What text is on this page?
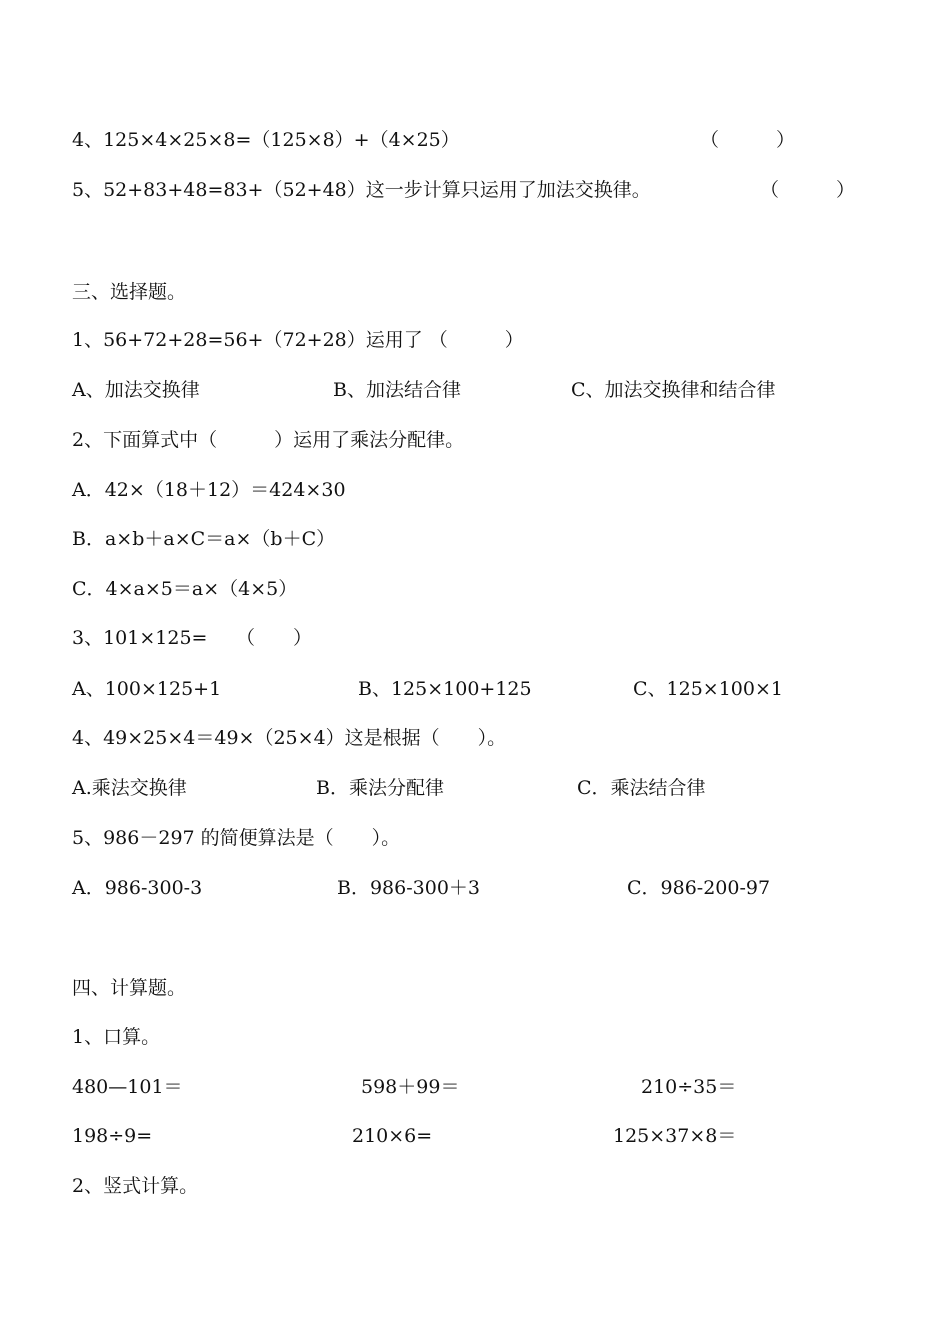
4、125×4×25×8=（125×8）+（4×25）	（　　　）
5、52+83+48=83+（52+48）这一步计算只运用了加法交换律。	（　　　）
三、选择题。
1、56+72+28=56+（72+28）运用了 （　　　）
A、加法交换律	B、加法结合律	C、加法交换律和结合律
2、下面算式中（　　　）运用了乘法分配律。
A．42×（18＋12）＝424×30
B．a×b＋a×C＝a×（b＋C）
C．4×a×5＝a×（4×5）
3、101×125=　　（　　）
A、100×125+1	B、125×100+125	C、125×100×1
4、49×25×4＝49×（25×4）这是根据（　　）。
A.乘法交换律	B．乘法分配律	C．乘法结合律
5、986－297 的简便算法是（　　）。
A．986-300-3	B．986-300＋3	C．986-200-97
四、计算题。
1、口算。
480—101＝	598＋99＝	210÷35＝
198÷9=	210×6=	125×37×8＝
2、竖式计算。
